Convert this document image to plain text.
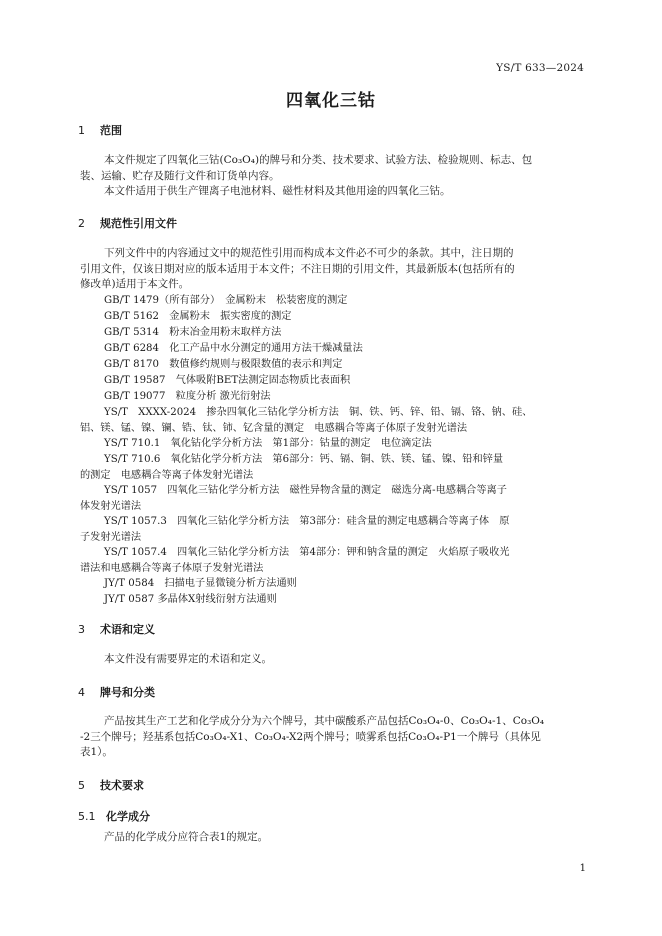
YS/T 633—2024
四氧化三钴
1 范围
本文件规定了四氧化三钴(Co₃O₄)的牌号和分类、技术要求、试验方法、检验规则、标志、包
装、运输、贮存及随行文件和订货单内容。
本文件适用于供生产锂离子电池材料、磁性材料及其他用途的四氧化三钴。
2 规范性引用文件
下列文件中的内容通过文中的规范性引用而构成本文件必不可少的条款。其中，注日期的
引用文件，仅该日期对应的版本适用于本文件；不注日期的引用文件，其最新版本(包括所有的
修改单)适用于本文件。
GB/T 1479（所有部分）　金属粉末　松装密度的测定
GB/T 5162　金属粉末　振实密度的测定
GB/T 5314　粉末冶金用粉末取样方法
GB/T 6284　化工产品中水分测定的通用方法干燥减量法
GB/T 8170　数值修约规则与极限数值的表示和判定
GB/T 19587　气体吸附BET法测定固态物质比表面积
GB/T 19077　粒度分析 激光衍射法
YS/T　XXXX-2024　掺杂四氧化三钴化学分析方法　铜、铁、钙、锌、铅、镉、铬、钠、硅、
铝、镁、锰、镍、镧、锆、钛、铈、钇含量的测定　电感耦合等离子体原子发射光谱法
YS/T 710.1　氧化钴化学分析方法　第1部分：钴量的测定　电位滴定法
YS/T 710.6　氧化钴化学分析方法　第6部分：钙、镉、铜、铁、镁、锰、镍、铅和锌量
的测定　电感耦合等离子体发射光谱法
YS/T 1057　四氧化三钴化学分析方法　磁性异物含量的测定　磁选分离-电感耦合等离子
体发射光谱法
YS/T 1057.3　四氧化三钴化学分析方法　第3部分：硅含量的测定电感耦合等离子体　原
子发射光谱法
YS/T 1057.4　四氧化三钴化学分析方法　第4部分：钾和钠含量的测定　火焰原子吸收光
谱法和电感耦合等离子体原子发射光谱法
JY/T 0584　扫描电子显微镜分析方法通则
JY/T 0587 多晶体X射线衍射方法通则
3 术语和定义
本文件没有需要界定的术语和定义。
4 牌号和分类
产品按其生产工艺和化学成分分为六个牌号，其中碳酸系产品包括Co₃O₄-0、Co₃O₄-1、Co₃O₄
-2三个牌号；羟基系包括Co₃O₄-X1、Co₃O₄-X2两个牌号；喷雾系包括Co₃O₄-P1一个牌号（具体见
表1）。
5 技术要求
5.1 化学成分
产品的化学成分应符合表1的规定。
1
